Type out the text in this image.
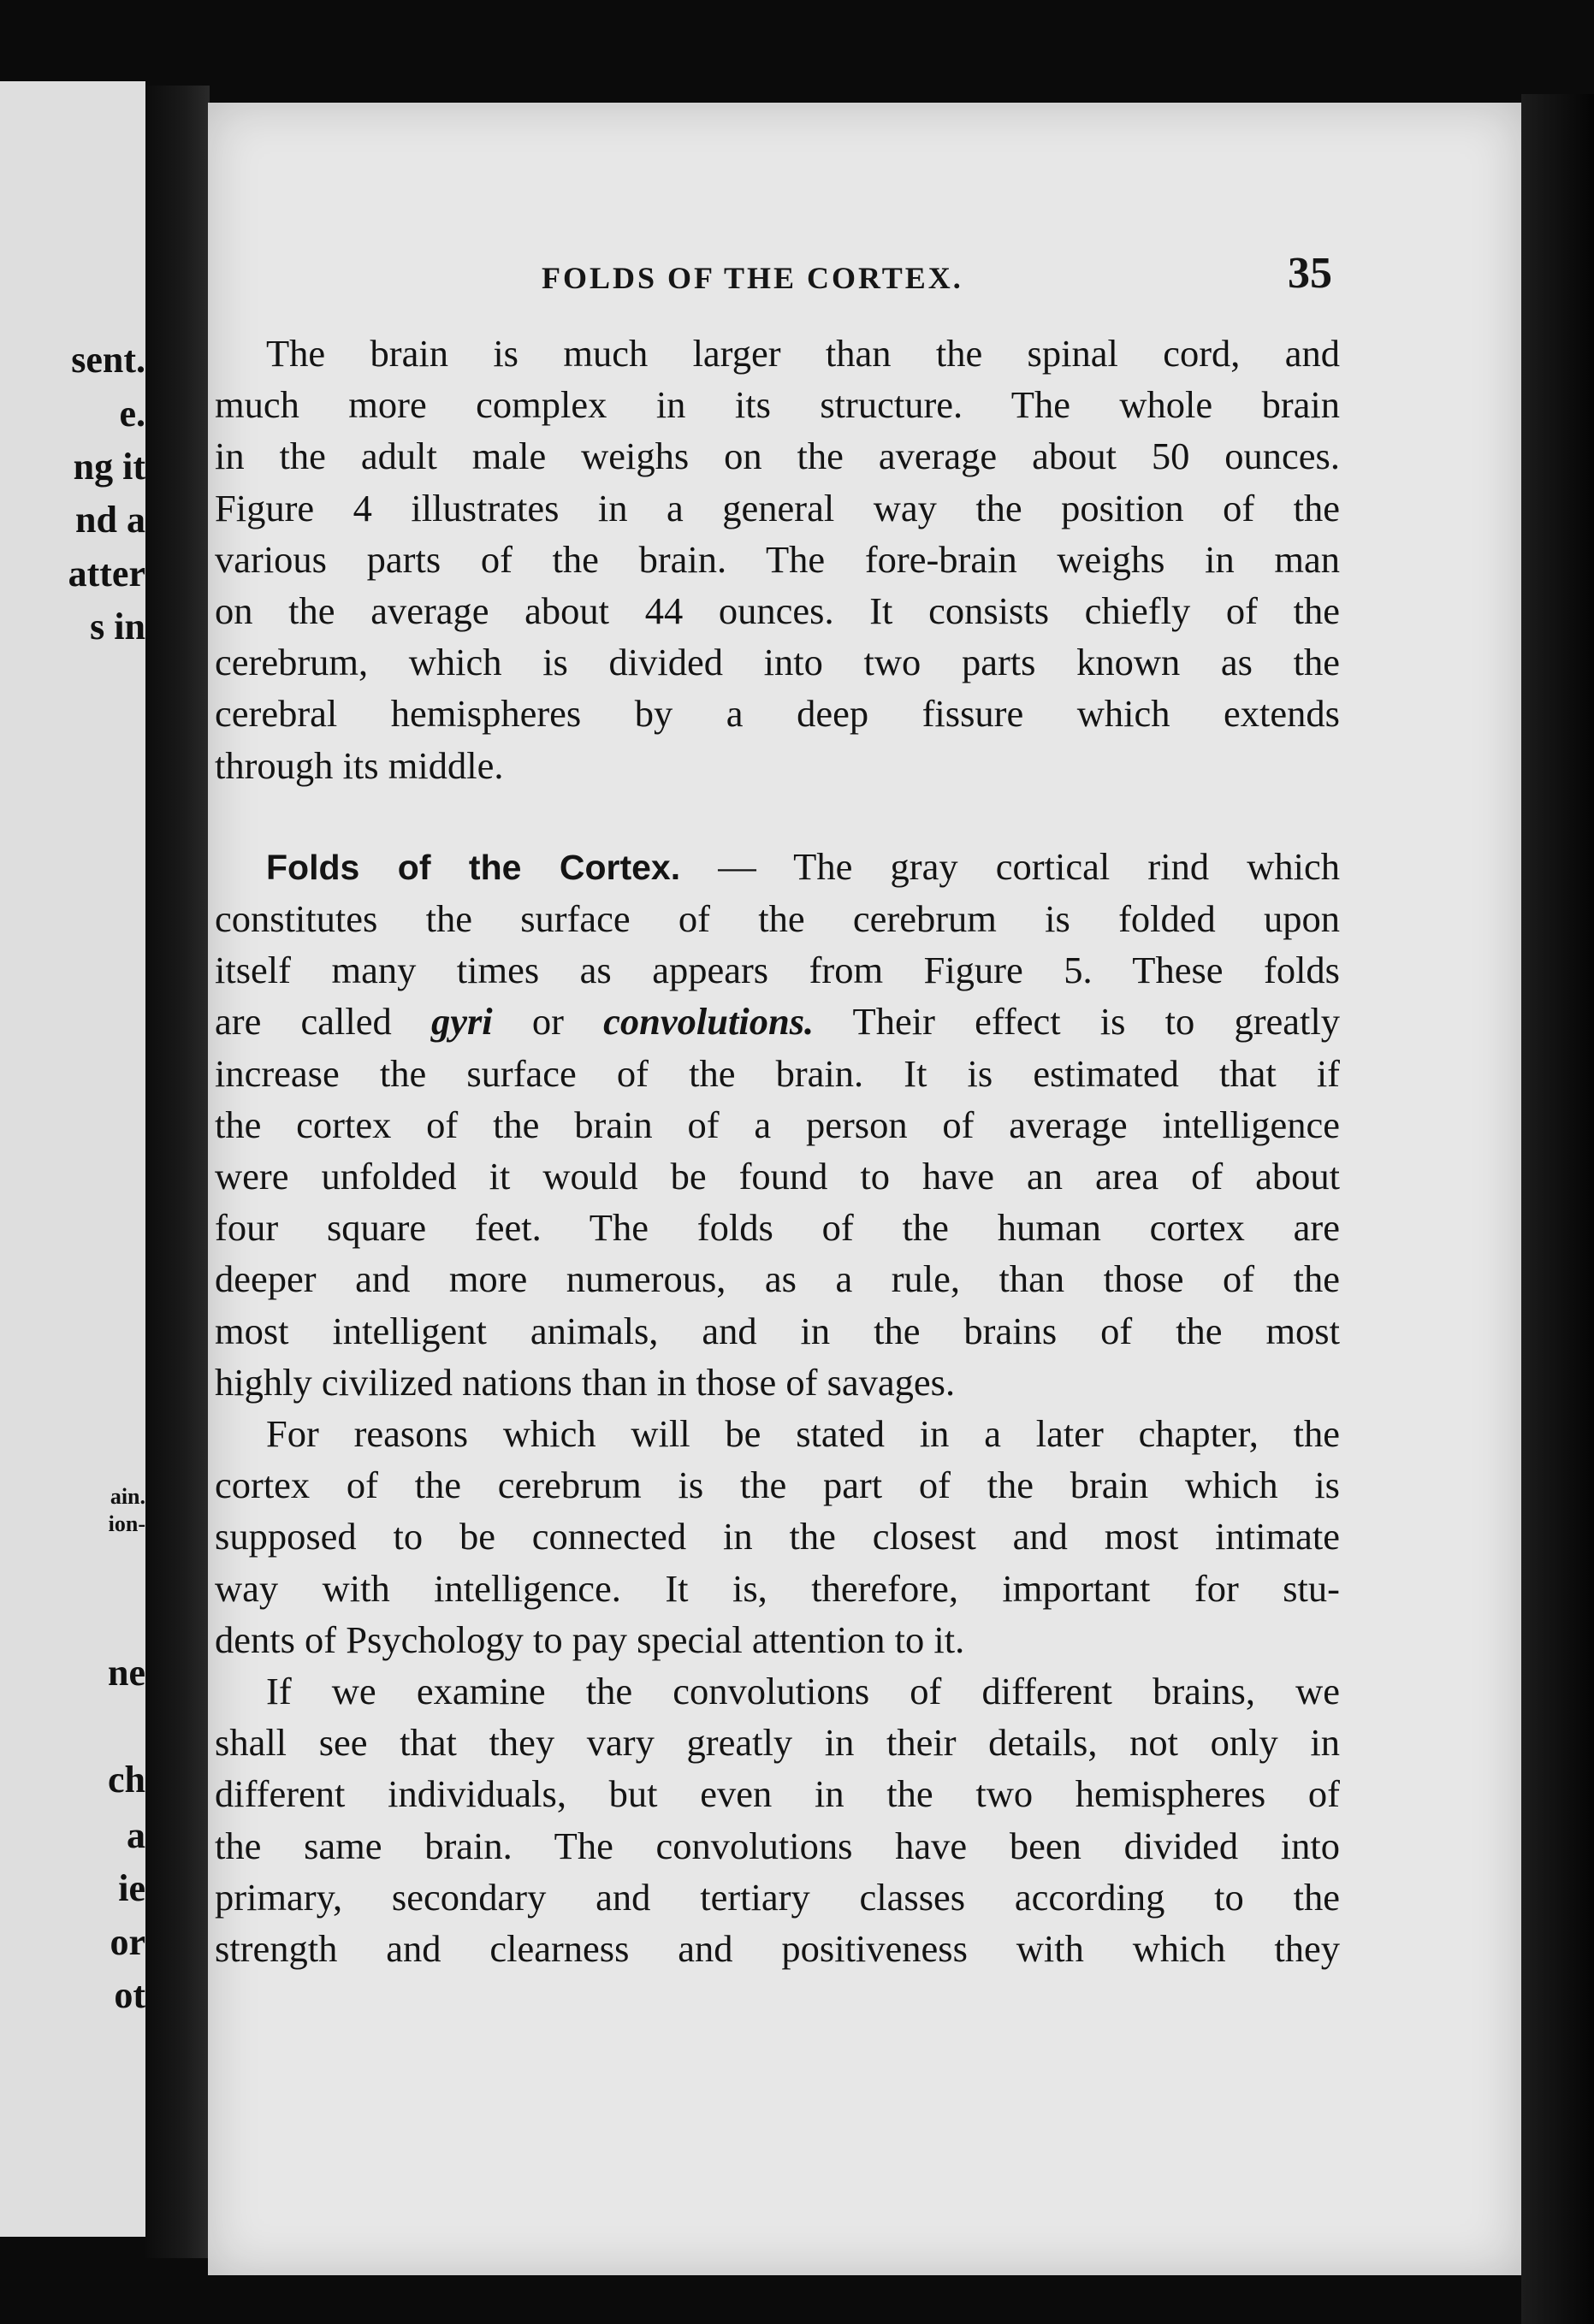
sent.
e.
ng it
nd a
atter
s in
ain.
ion-
ne
ch
a
ie
or
ot
FOLDS OF THE CORTEX.	35

The brain is much larger than the spinal cord, and
much more complex in its structure. The whole brain
in the adult male weighs on the average about 50 ounces.
Figure 4 illustrates in a general way the position of the
various parts of the brain. The fore-brain weighs in man
on the average about 44 ounces. It consists chiefly of the
cerebrum, which is divided into two parts known as the
cerebral hemispheres by a deep fissure which extends
through its middle.

Folds of the Cortex. — The gray cortical rind which
constitutes the surface of the cerebrum is folded upon
itself many times as appears from Figure 5. These folds
are called gyri or convolutions. Their effect is to greatly
increase the surface of the brain. It is estimated that if
the cortex of the brain of a person of average intelligence
were unfolded it would be found to have an area of about
four square feet. The folds of the human cortex are
deeper and more numerous, as a rule, than those of the
most intelligent animals, and in the brains of the most
highly civilized nations than in those of savages.

For reasons which will be stated in a later chapter, the
cortex of the cerebrum is the part of the brain which is
supposed to be connected in the closest and most intimate
way with intelligence. It is, therefore, important for stu-
dents of Psychology to pay special attention to it.

If we examine the convolutions of different brains, we
shall see that they vary greatly in their details, not only in
different individuals, but even in the two hemispheres of
the same brain. The convolutions have been divided into
primary, secondary and tertiary classes according to the
strength and clearness and positiveness with which they
